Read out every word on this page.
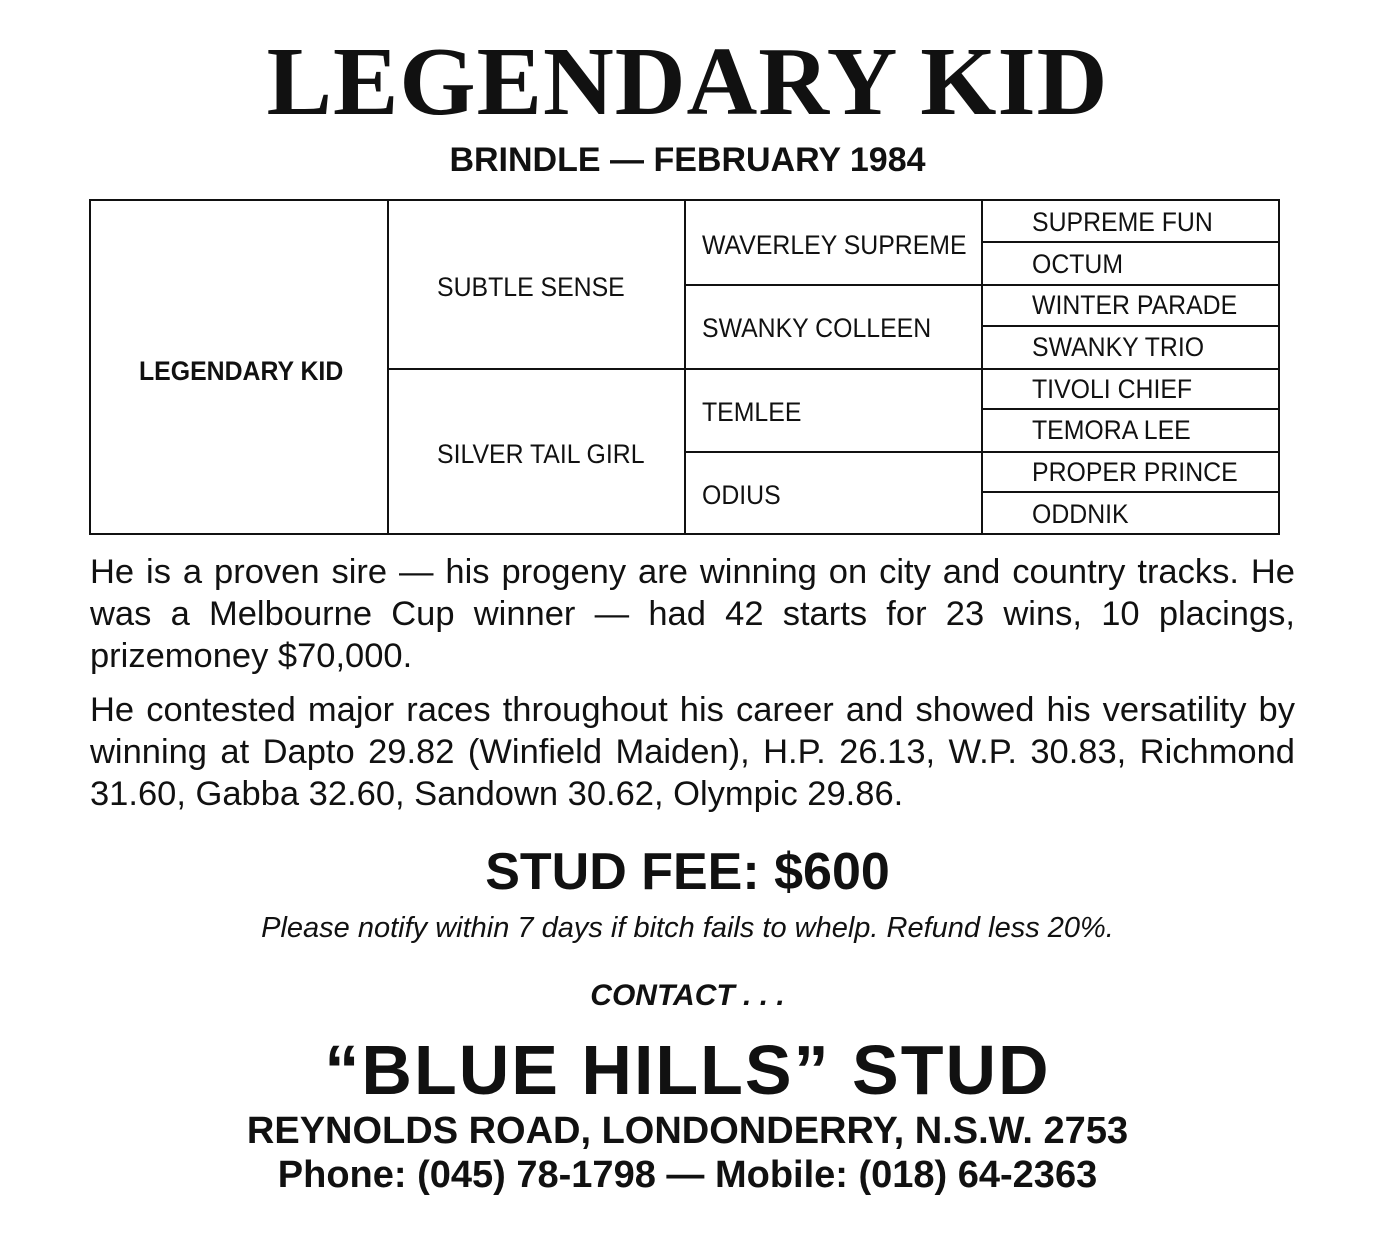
LEGENDARY KID
BRINDLE — FEBRUARY 1984
LEGENDARY KID
SUBTLE SENSE
SILVER TAIL GIRL
WAVERLEY SUPREME
SWANKY COLLEEN
TEMLEE
ODIUS
SUPREME FUN
OCTUM
WINTER PARADE
SWANKY TRIO
TIVOLI CHIEF
TEMORA LEE
PROPER PRINCE
ODDNIK

He is a proven sire — his progeny are winning on city and country tracks. He was a Melbourne Cup winner — had 42 starts for 23 wins, 10 placings, prizemoney $70,000.

He contested major races throughout his career and showed his versatility by winning at Dapto 29.82 (Winfield Maiden), H.P. 26.13, W.P. 30.83, Richmond 31.60, Gabba 32.60, Sandown 30.62, Olympic 29.86.

STUD FEE: $600
Please notify within 7 days if bitch fails to whelp. Refund less 20%.
CONTACT . . .
“BLUE HILLS” STUD
REYNOLDS ROAD, LONDONDERRY, N.S.W. 2753
Phone: (045) 78-1798 — Mobile: (018) 64-2363
